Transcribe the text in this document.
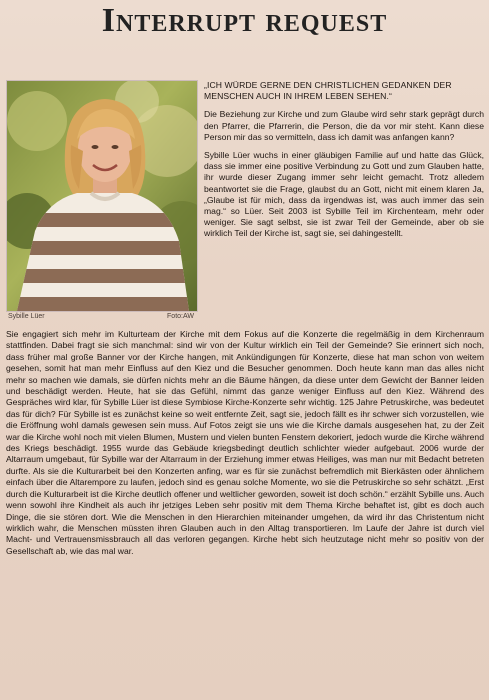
Interrupt request
Sybille Lüer	Foto:AW

„ICH WÜRDE GERNE DEN CHRISTLICHEN GEDANKEN DER MENSCHEN AUCH IN IHREM LEBEN SEHEN.“

Die Beziehung zur Kirche und zum Glaube wird sehr stark geprägt durch den Pfarrer, die Pfarrerin, die Person, die da vor mir steht. Kann diese Person mir das so vermitteln, dass ich damit was anfangen kann?

Sybille Lüer wuchs in einer gläubigen Familie auf und hatte das Glück, dass sie immer eine positive Verbindung zu Gott und zum Glauben hatte, ihr wurde dieser Zugang immer sehr leicht gemacht. Trotz alledem beantwortet sie die Frage, glaubst du an Gott, nicht mit einem klaren Ja, „Glaube ist für mich, dass da irgendwas ist, was auch immer das sein mag.“ so Lüer. Seit 2003 ist Sybille Teil im Kirchenteam, mehr oder weniger. Sie sagt selbst, sie ist zwar Teil der Gemeinde, aber ob sie wirklich Teil der Kirche ist, sagt sie, sei dahingestellt.

Sie engagiert sich mehr im Kulturteam der Kirche mit dem Fokus auf die Konzerte die regelmäßig in dem Kirchenraum stattfinden. Dabei fragt sie sich manchmal: sind wir von der Kultur wirklich ein Teil der Gemeinde? Sie erinnert sich noch, dass früher mal große Banner vor der Kirche hangen, mit Ankündigungen für Konzerte, diese hat man schon von weitem gesehen, somit hat man mehr Einfluss auf den Kiez und die Besucher genommen. Doch heute kann man das alles nicht mehr so machen wie damals, sie dürfen nichts mehr an die Bäume hängen, da diese unter dem Gewicht der Banner leiden und beschädigt werden. Heute, hat sie das Gefühl, nimmt das ganze weniger Einfluss auf den Kiez. Während des Gespräches wird klar, für Sybille Lüer ist diese Symbiose Kirche-Konzerte sehr wichtig. 125 Jahre Petruskirche, was bedeutet das für dich? Für Sybille ist es zunächst keine so weit entfernte Zeit, sagt sie, jedoch fällt es ihr schwer sich vorzustellen, wie die Eröffnung wohl damals gewesen sein muss. Auf Fotos zeigt sie uns wie die Kirche damals ausgesehen hat, zu der Zeit war die Kirche wohl noch mit vielen Blumen, Mustern und vielen bunten Fenstern dekoriert, jedoch wurde die Kirche während des Kriegs beschädigt. 1955 wurde das Gebäude kriegsbedingt deutlich schlichter wieder aufgebaut. 2006 wurde der Altarraum umgebaut, für Sybille war der Altarraum in der Erziehung immer etwas Heiliges, was man nur mit Bedacht betreten durfte. Als sie die Kulturarbeit bei den Konzerten anfing, war es für sie zunächst befremdlich mit Bierkästen oder ähnlichem einfach über die Altarempore zu laufen, jedoch sind es genau solche Momente, wo sie die Petruskirche so sehr schätzt. „Erst durch die Kulturarbeit ist die Kirche deutlich offener und weltlicher geworden, soweit ist doch schön.“ erzählt Sybille uns. Auch wenn sowohl ihre Kindheit als auch ihr jetziges Leben sehr positiv mit dem Thema Kirche behaftet ist, gibt es doch auch Dinge, die sie stören dort. Wie die Menschen in den Hierarchien miteinander umgehen, da wird ihr das Christentum nicht wirklich wahr, die Menschen müssten ihren Glauben auch in den Alltag transportieren. Im Laufe der Jahre ist durch viel Macht- und Vertrauensmissbrauch all das verloren gegangen. Kirche hebt sich heutzutage nicht mehr so positiv von der Gesellschaft ab, wie das mal war.
